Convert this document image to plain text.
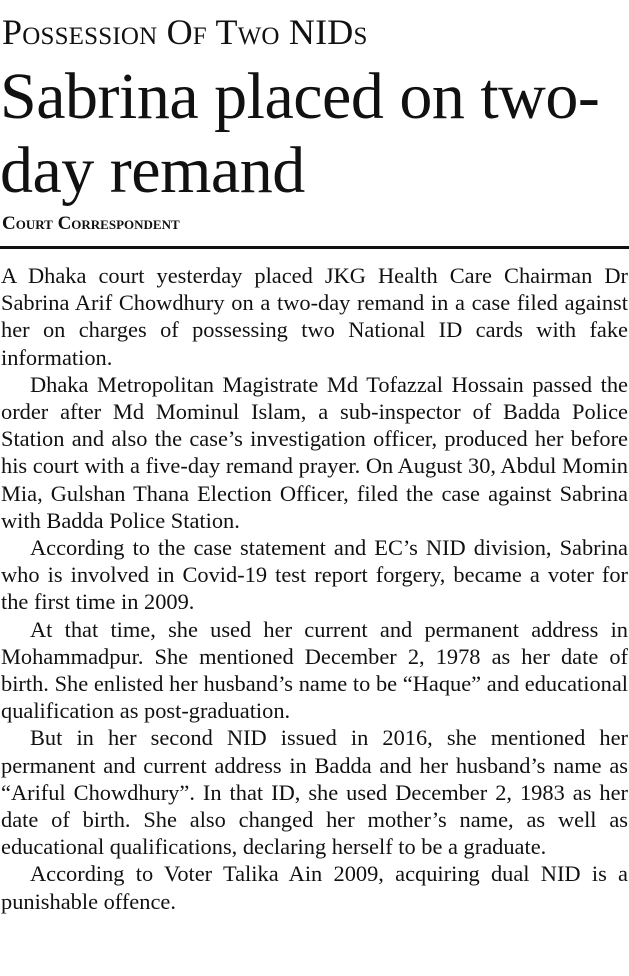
Possession Of Two NIDs
Sabrina placed on two-day remand
Court Correspondent

A Dhaka court yesterday placed JKG Health Care Chairman Dr Sabrina Arif Chowdhury on a two-day remand in a case filed against her on charges of possessing two National ID cards with fake information.

Dhaka Metropolitan Magistrate Md Tofazzal Hossain passed the order after Md Mominul Islam, a sub-inspector of Badda Police Station and also the case’s investigation officer, produced her before his court with a five-day remand prayer. On August 30, Abdul Momin Mia, Gulshan Thana Election Officer, filed the case against Sabrina with Badda Police Station.

According to the case statement and EC’s NID division, Sabrina who is involved in Covid-19 test report forgery, became a voter for the first time in 2009.

At that time, she used her current and permanent address in Mohammadpur. She mentioned December 2, 1978 as her date of birth. She enlisted her husband’s name to be “Haque” and educational qualification as post-graduation.

But in her second NID issued in 2016, she mentioned her permanent and current address in Badda and her husband’s name as “Ariful Chowdhury”. In that ID, she used December 2, 1983 as her date of birth. She also changed her mother’s name, as well as educational qualifications, declaring herself to be a graduate.

According to Voter Talika Ain 2009, acquiring dual NID is a punishable offence.
